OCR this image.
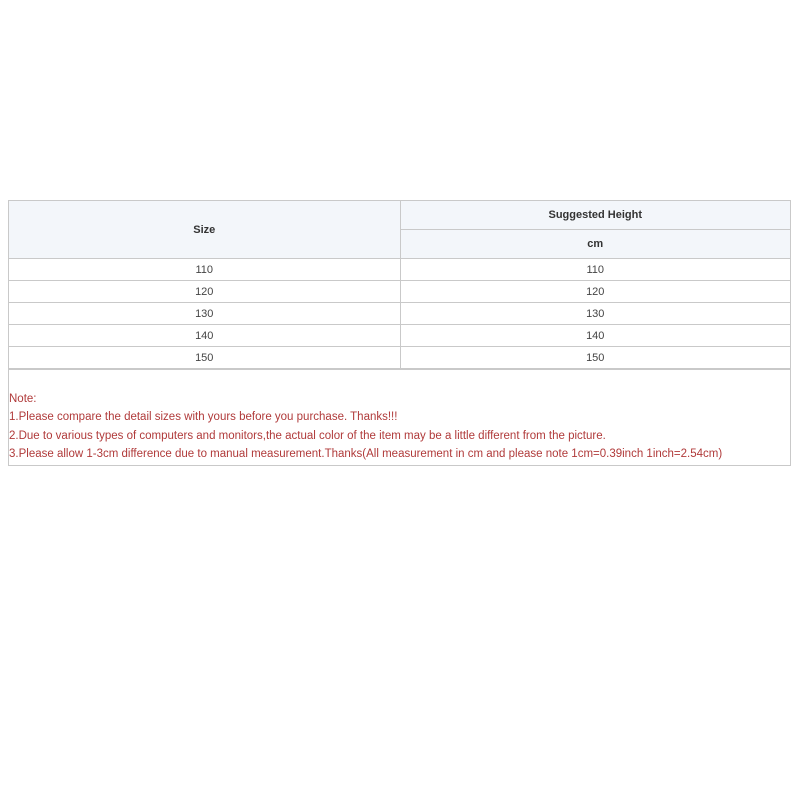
Size	Suggested Height
	cm
110	110
120	120
130	130
140	140
150	150
Note:
1.Please compare the detail sizes with yours before you purchase. Thanks!!!
2.Due to various types of computers and monitors,the actual color of the item may be a little different from the picture.
3.Please allow 1-3cm difference due to manual measurement.Thanks(All measurement in cm and please note 1cm=0.39inch 1inch=2.54cm)
